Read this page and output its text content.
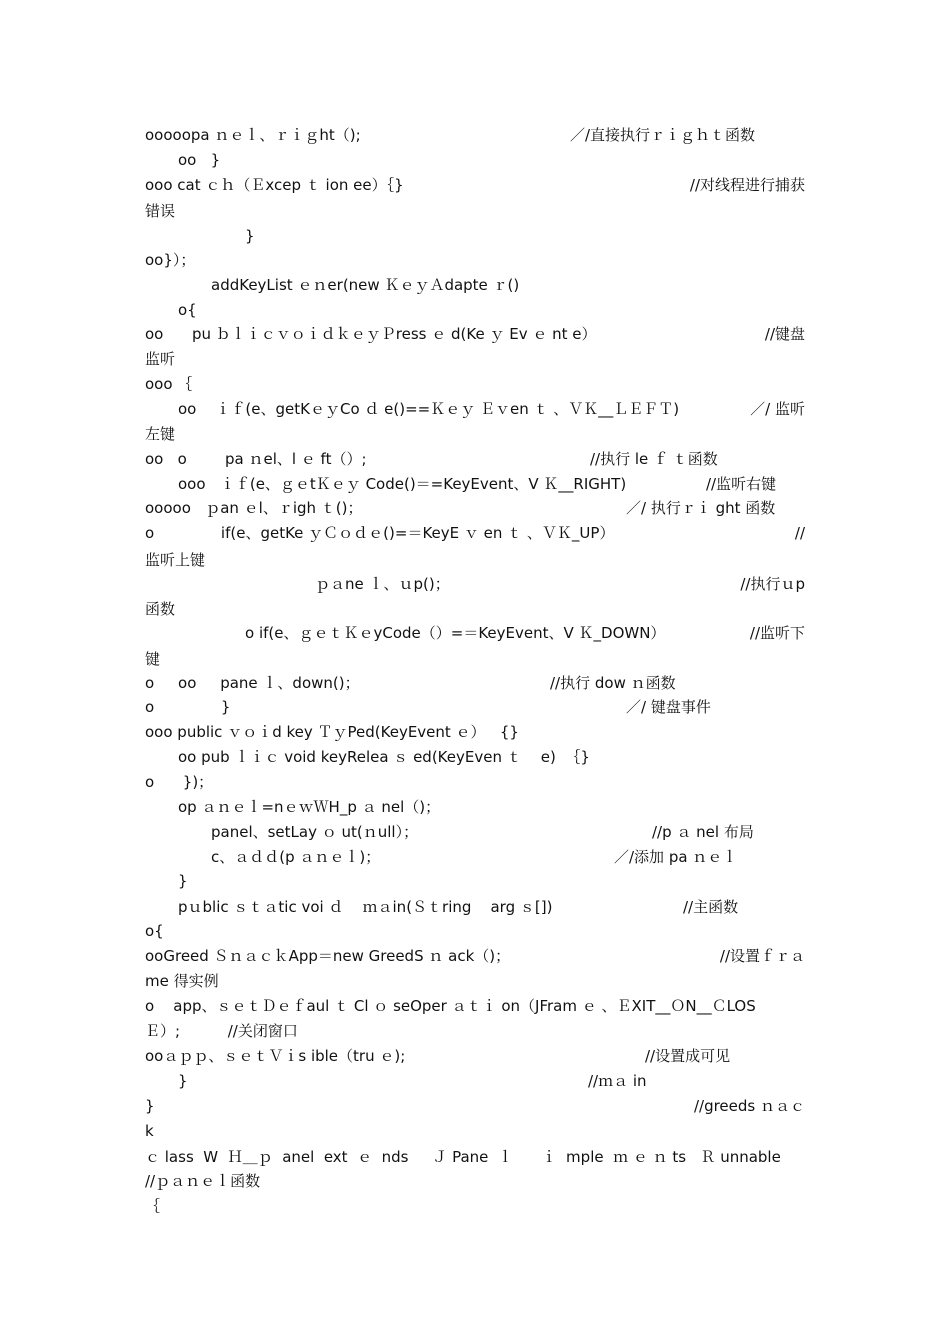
ooooopa ｎｅｌ、ｒｉｇht（);	／/直接执行ｒｉｇｈｔ函数
oo   }
ooo cat ｃｈ（Ｅxcep ｔ ion ee）｛}	//对线程进行捕获
错误
}
oo}）；
addKeyList ｅｎer(new ＫｅｙＡdapte ｒ()
o{
oo      pu ｂｌｉｃｖｏｉｄｋｅｙＰress ｅ d(Ke ｙ Ev ｅ nt e）	//键盘
监听
ooo ｛
oo    ｉｆ(e、getKｅｙCo ｄ e()==Ｋｅｙ Ｅｖen ｔ 、ＶＫ__ＬＥＦＴ)	／/ 监听
左键
oo   o        pa ｎel、l ｅ ft（）;	//执行 le ｆ ｔ函数
ooo   ｉｆ(e、ｇｅtＫｅｙ Code()＝=KeyEvent、V Ｋ__RIGHT)	//监听右键
ooooo   ｐan ｅl、ｒigh ｔ()；	／/ 执行ｒｉ ght 函数
o              if(e、getKe ｙＣｏｄｅ()=＝KeyE ｖ en ｔ 、ＶＫ_UP）	//
监听上键
ｐａne ｌ、ｕp()；	//执行ｕp
函数
o if(e、ｇｅｔＫｅyCode（）=＝KeyEvent、V Ｋ_DOWN）	//监听下
键
o     oo     pane ｌ、down()；	//执行 dow ｎ函数
o              }	／/ 键盘事件
ooo public ｖｏｉd key ＴｙPed(KeyEvent ｅ）   {}
oo pub ｌｉｃ void keyRelea ｓ ed(KeyEven ｔ    e)  ｛}
o      })；
op ａｎｅｌ=nｅｗＷH_p ａ nel（)；
panel、setLay ｏ ut(ｎull）；	//p ａ nel 布局
c、ａｄｄ(p ａｎｅｌ)；	／/添加 pa ｎｅｌ
}
pｕblic ｓｔａtic voi ｄ    ｍａin(Ｓｔring    arg ｓ[])	//主函数
o{
ooGreed ＳｎａｃｋApp＝new GreedS ｎ ack（)；	//设置ｆｒａ
me 得实例
o    app、ｓｅｔＤｅｆaul ｔ Cl ｏ seOper ａｔｉ on（JFram ｅ 、ＥXIT__ＯN__ＣLOS
Ｅ）;          //关闭窗口
ooａｐｐ、ｓｅｔＶｉs ible（tru ｅ);	//设置成可见
}	//ｍａ in
}	//greeds ｎａｃ
k
ｃ lass  W  Ｈ＿ｐ  anel  ext  ｅ  nds     Ｊ Pane  ｌ      ｉ  mple  ｍ ｅ ｎ ts   Ｒ unnable
//ｐａｎｅｌ函数
｛
